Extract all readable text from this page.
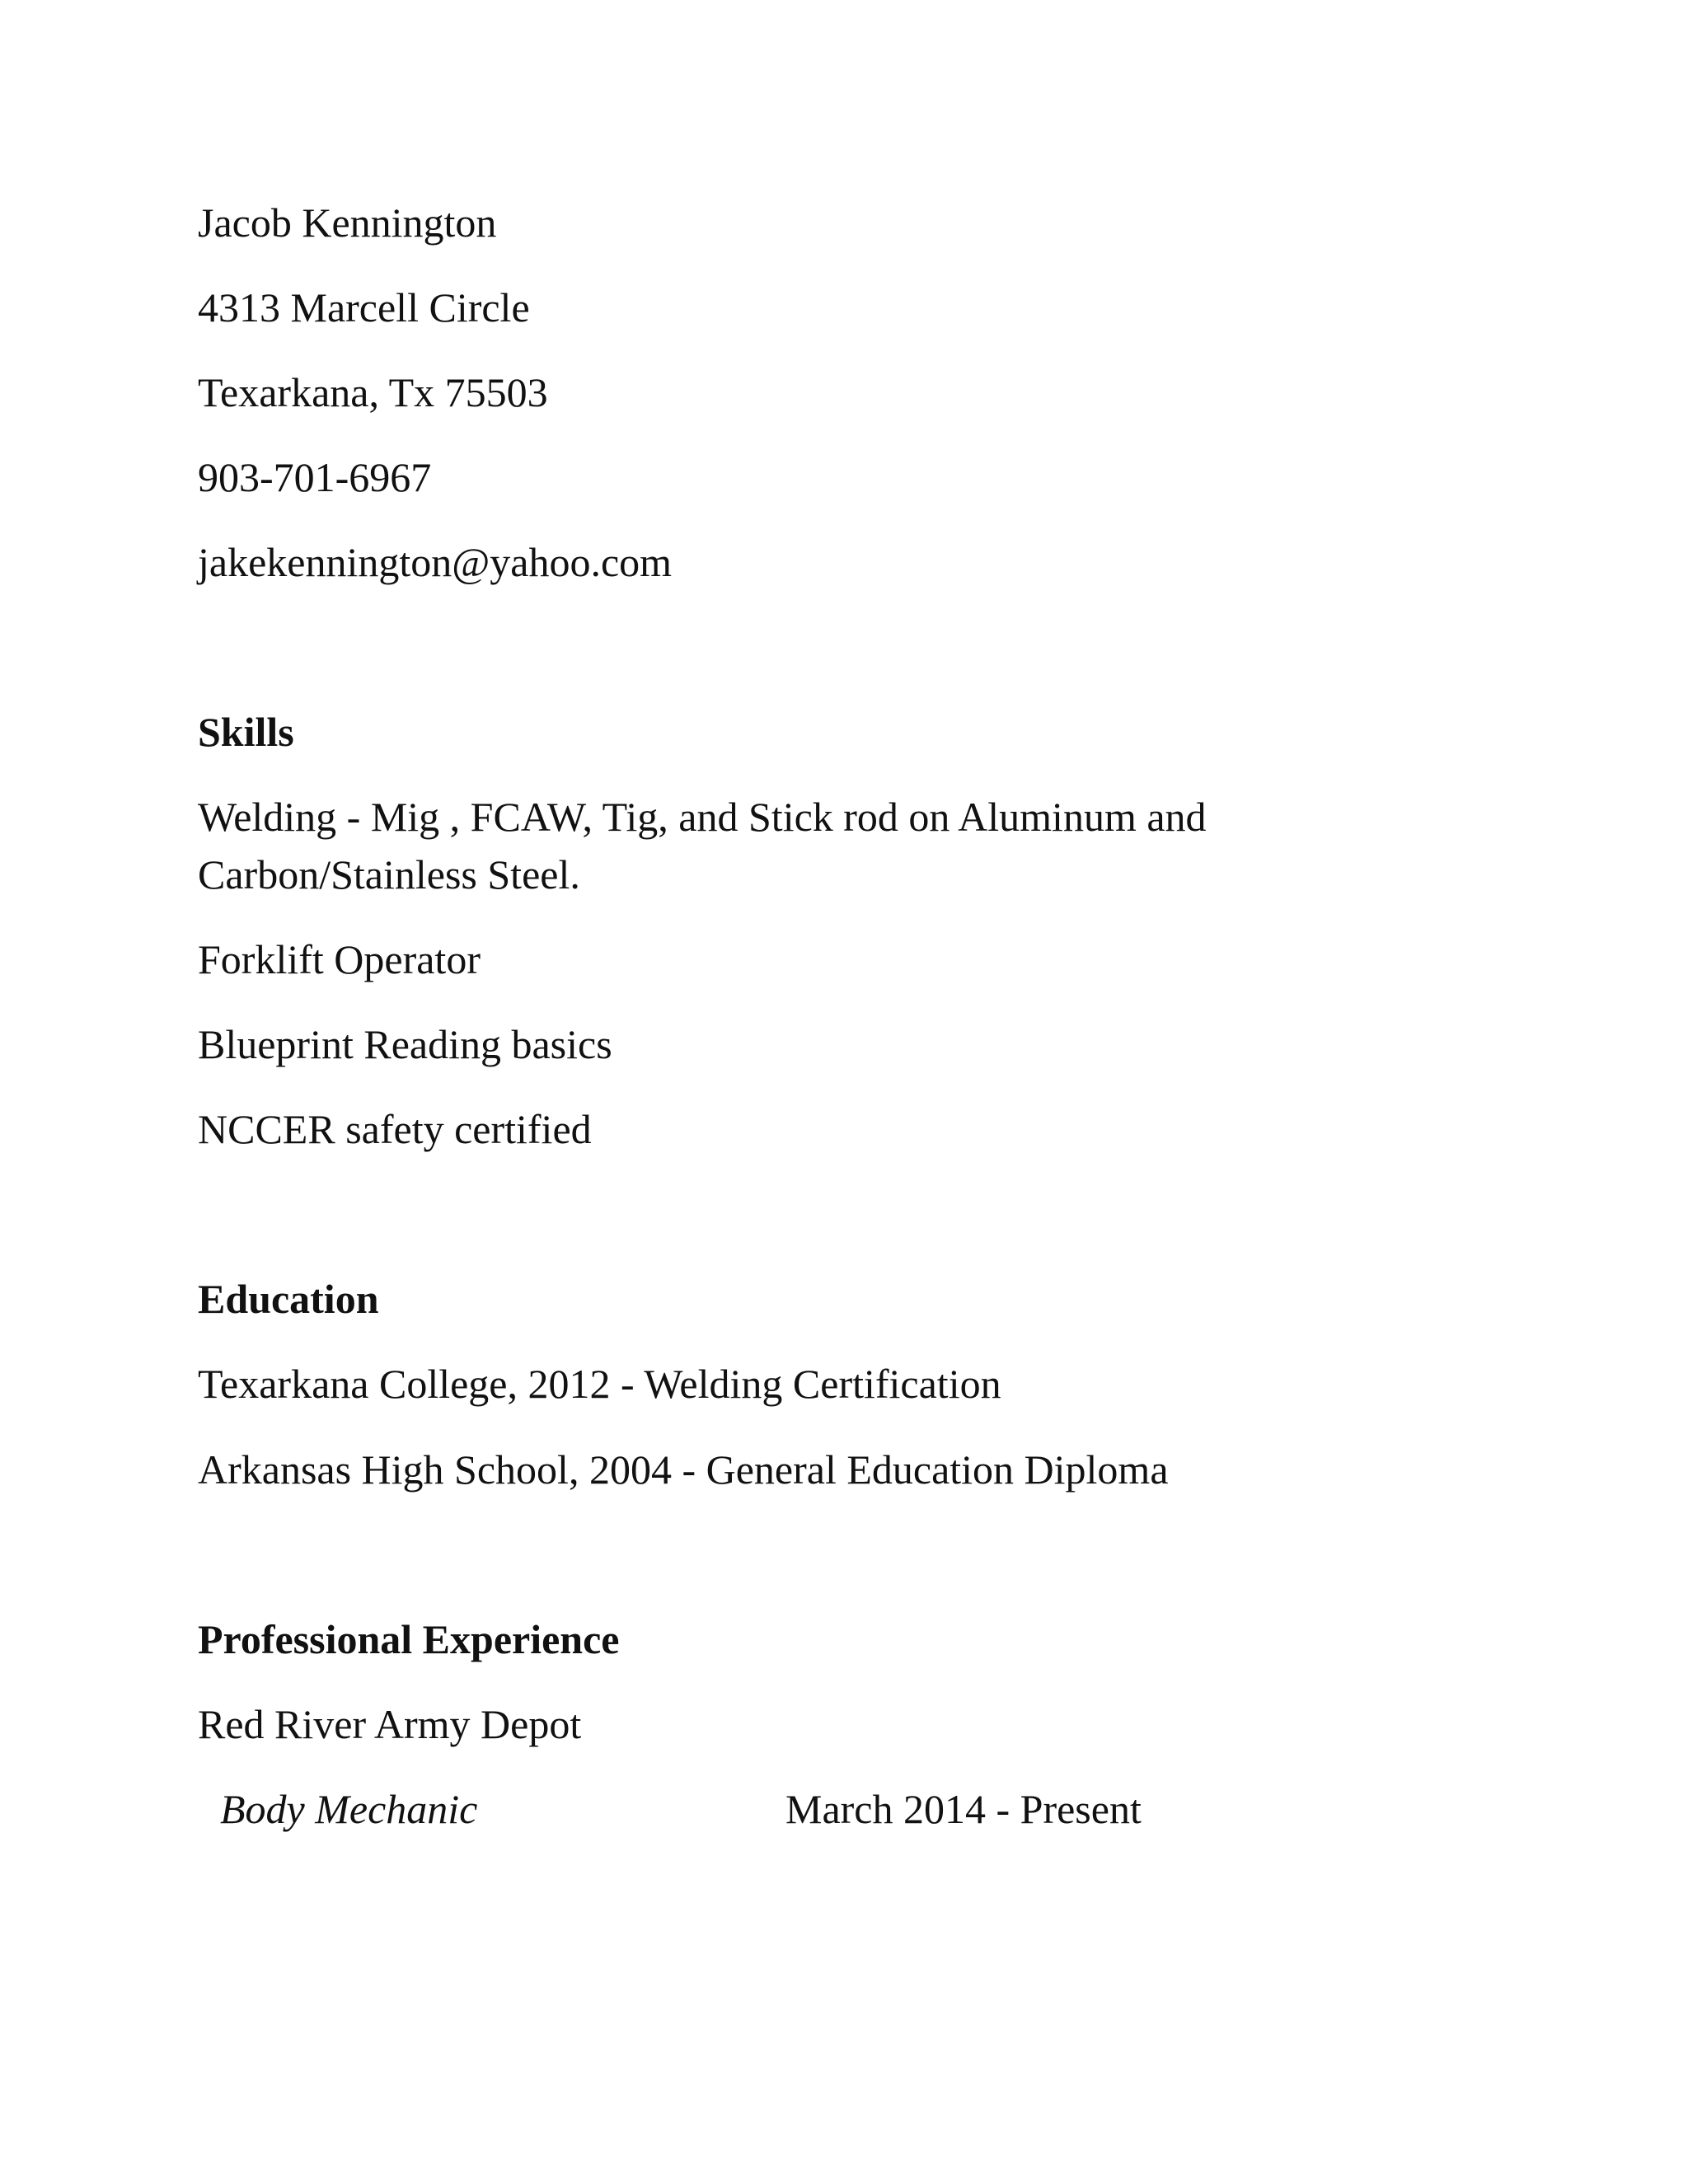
Jacob Kennington
4313 Marcell Circle
Texarkana, Tx 75503
903-701-6967
jakekennington@yahoo.com
Skills
Welding - Mig , FCAW, Tig, and Stick rod on Aluminum and
Carbon/Stainless Steel.
Forklift Operator
Blueprint Reading basics
NCCER safety certified
Education
Texarkana College, 2012 - Welding Certification
Arkansas High School, 2004 - General Education Diploma
Professional Experience
Red River Army Depot
Body Mechanic	March 2014 - Present
